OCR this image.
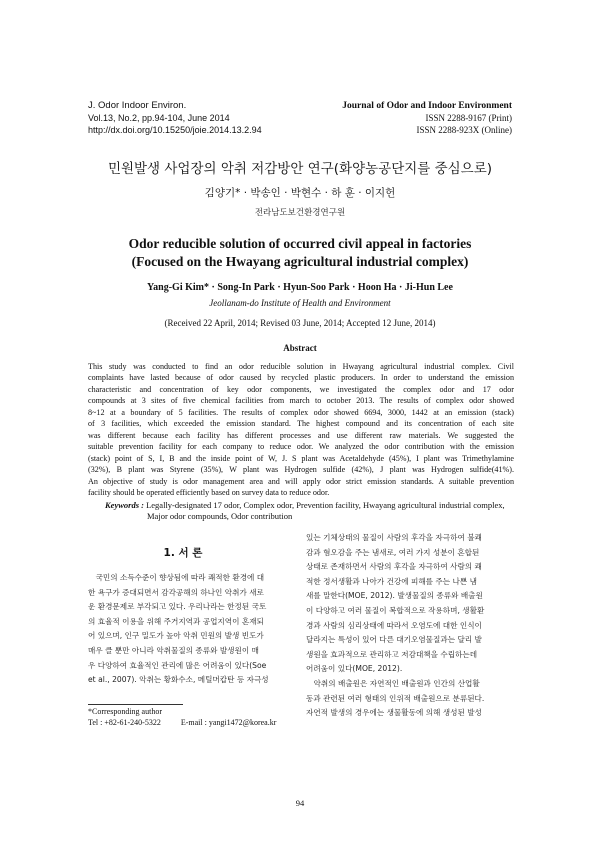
J. Odor Indoor Environ.
Vol.13, No.2, pp.94-104, June 2014
http://dx.doi.org/10.15250/joie.2014.13.2.94
Journal of Odor and Indoor Environment
ISSN 2288-9167 (Print)
ISSN 2288-923X (Online)
민원발생 사업장의 악취 저감방안 연구(화양농공단지를 중심으로)
김양기* · 박송인 · 박현수 · 하 훈 · 이지헌
전라남도보건환경연구원
Odor reducible solution of occurred civil appeal in factories
(Focused on the Hwayang agricultural industrial complex)
Yang-Gi Kim* · Song-In Park · Hyun-Soo Park · Hoon Ha · Ji-Hun Lee
Jeollanam-do Institute of Health and Environment
(Received 22 April, 2014; Revised 03 June, 2014; Accepted 12 June, 2014)
Abstract
This study was conducted to find an odor reducible solution in Hwayang agricultural industrial complex. Civil
complaints have lasted because of odor caused by recycled plastic producers. In order to understand the emission
characteristic and concentration of key odor components, we investigated the complex odor and 17 odor
compounds at 3 sites of five chemical facilities from march to october 2013. The results of complex odor showed
8~12 at a boundary of 5 facilities. The results of complex odor showed 6694, 3000, 1442 at an emission (stack)
of 3 facilities, which exceeded the emission standard. The highest compound and its concentration of each site
was different because each facility has different processes and use different raw materials. We suggested the
suitable prevention facility for each company to reduce odor. We analyzed the odor contribution with the emission
(stack) point of S, I, B and the inside point of W, J. S plant was Acetaldehyde (45%), I plant was Trimethylamine
(32%), B plant was Styrene (35%), W plant was Hydrogen sulfide (42%), J plant was Hydrogen sulfide(41%).
An objective of study is odor management area and will apply odor strict emission standards. A suitable prevention
facility should be operated efficiently based on survey data to reduce odor.
Keywords : Legally-designated 17 odor, Complex odor, Prevention facility, Hwayang agricultural industrial complex,
Major odor compounds, Odor contribution
1. 서 론
　국민의 소득수준이 향상됨에 따라 쾌적한 환경에 대
한 욕구가 증대되면서 감각공해의 하나인 악취가 새로
운 환경문제로 부각되고 있다. 우리나라는 한정된 국토
의 효율적 이용을 위해 주거지역과 공업지역이 혼재되
어 있으며, 인구 밀도가 높아 악취 민원의 발생 빈도가
매우 클 뿐만 아니라 악취물질의 종류와 발생원이 매
우 다양하여 효율적인 관리에 많은 어려움이 있다(Soe
et al., 2007). 악취는 황화수소, 메틸머캅탄 등 자극성
있는 기체상태의 물질이 사람의 후각을 자극하여 불쾌
감과 혐오감을 주는 냄새로, 여러 가지 성분이 혼합된
상태로 존재하면서 사람의 후각을 자극하여 사람의 쾌
적한 정서생활과 나아가 건강에 피해를 주는 나쁜 냄
새를 말한다(MOE, 2012). 발생물질의 종류와 배출원
이 다양하고 여러 물질이 복합적으로 작용하며, 생활환
경과 사람의 심리상태에 따라서 오염도에 대한 인식이
달라지는 특성이 있어 다른 대기오염물질과는 달리 발
생원을 효과적으로 관리하고 저감대책을 수립하는데
어려움이 있다(MOE, 2012).
　악취의 배출원은 자연적인 배출원과 인간의 산업활
동과 관련된 여러 형태의 인위적 배출원으로 분류된다.
자연적 발생의 경우에는 생물활동에 의해 생성된 발성
*Corresponding author
Tel : +82-61-240-5322          E-mail : yangi1472@korea.kr
94
